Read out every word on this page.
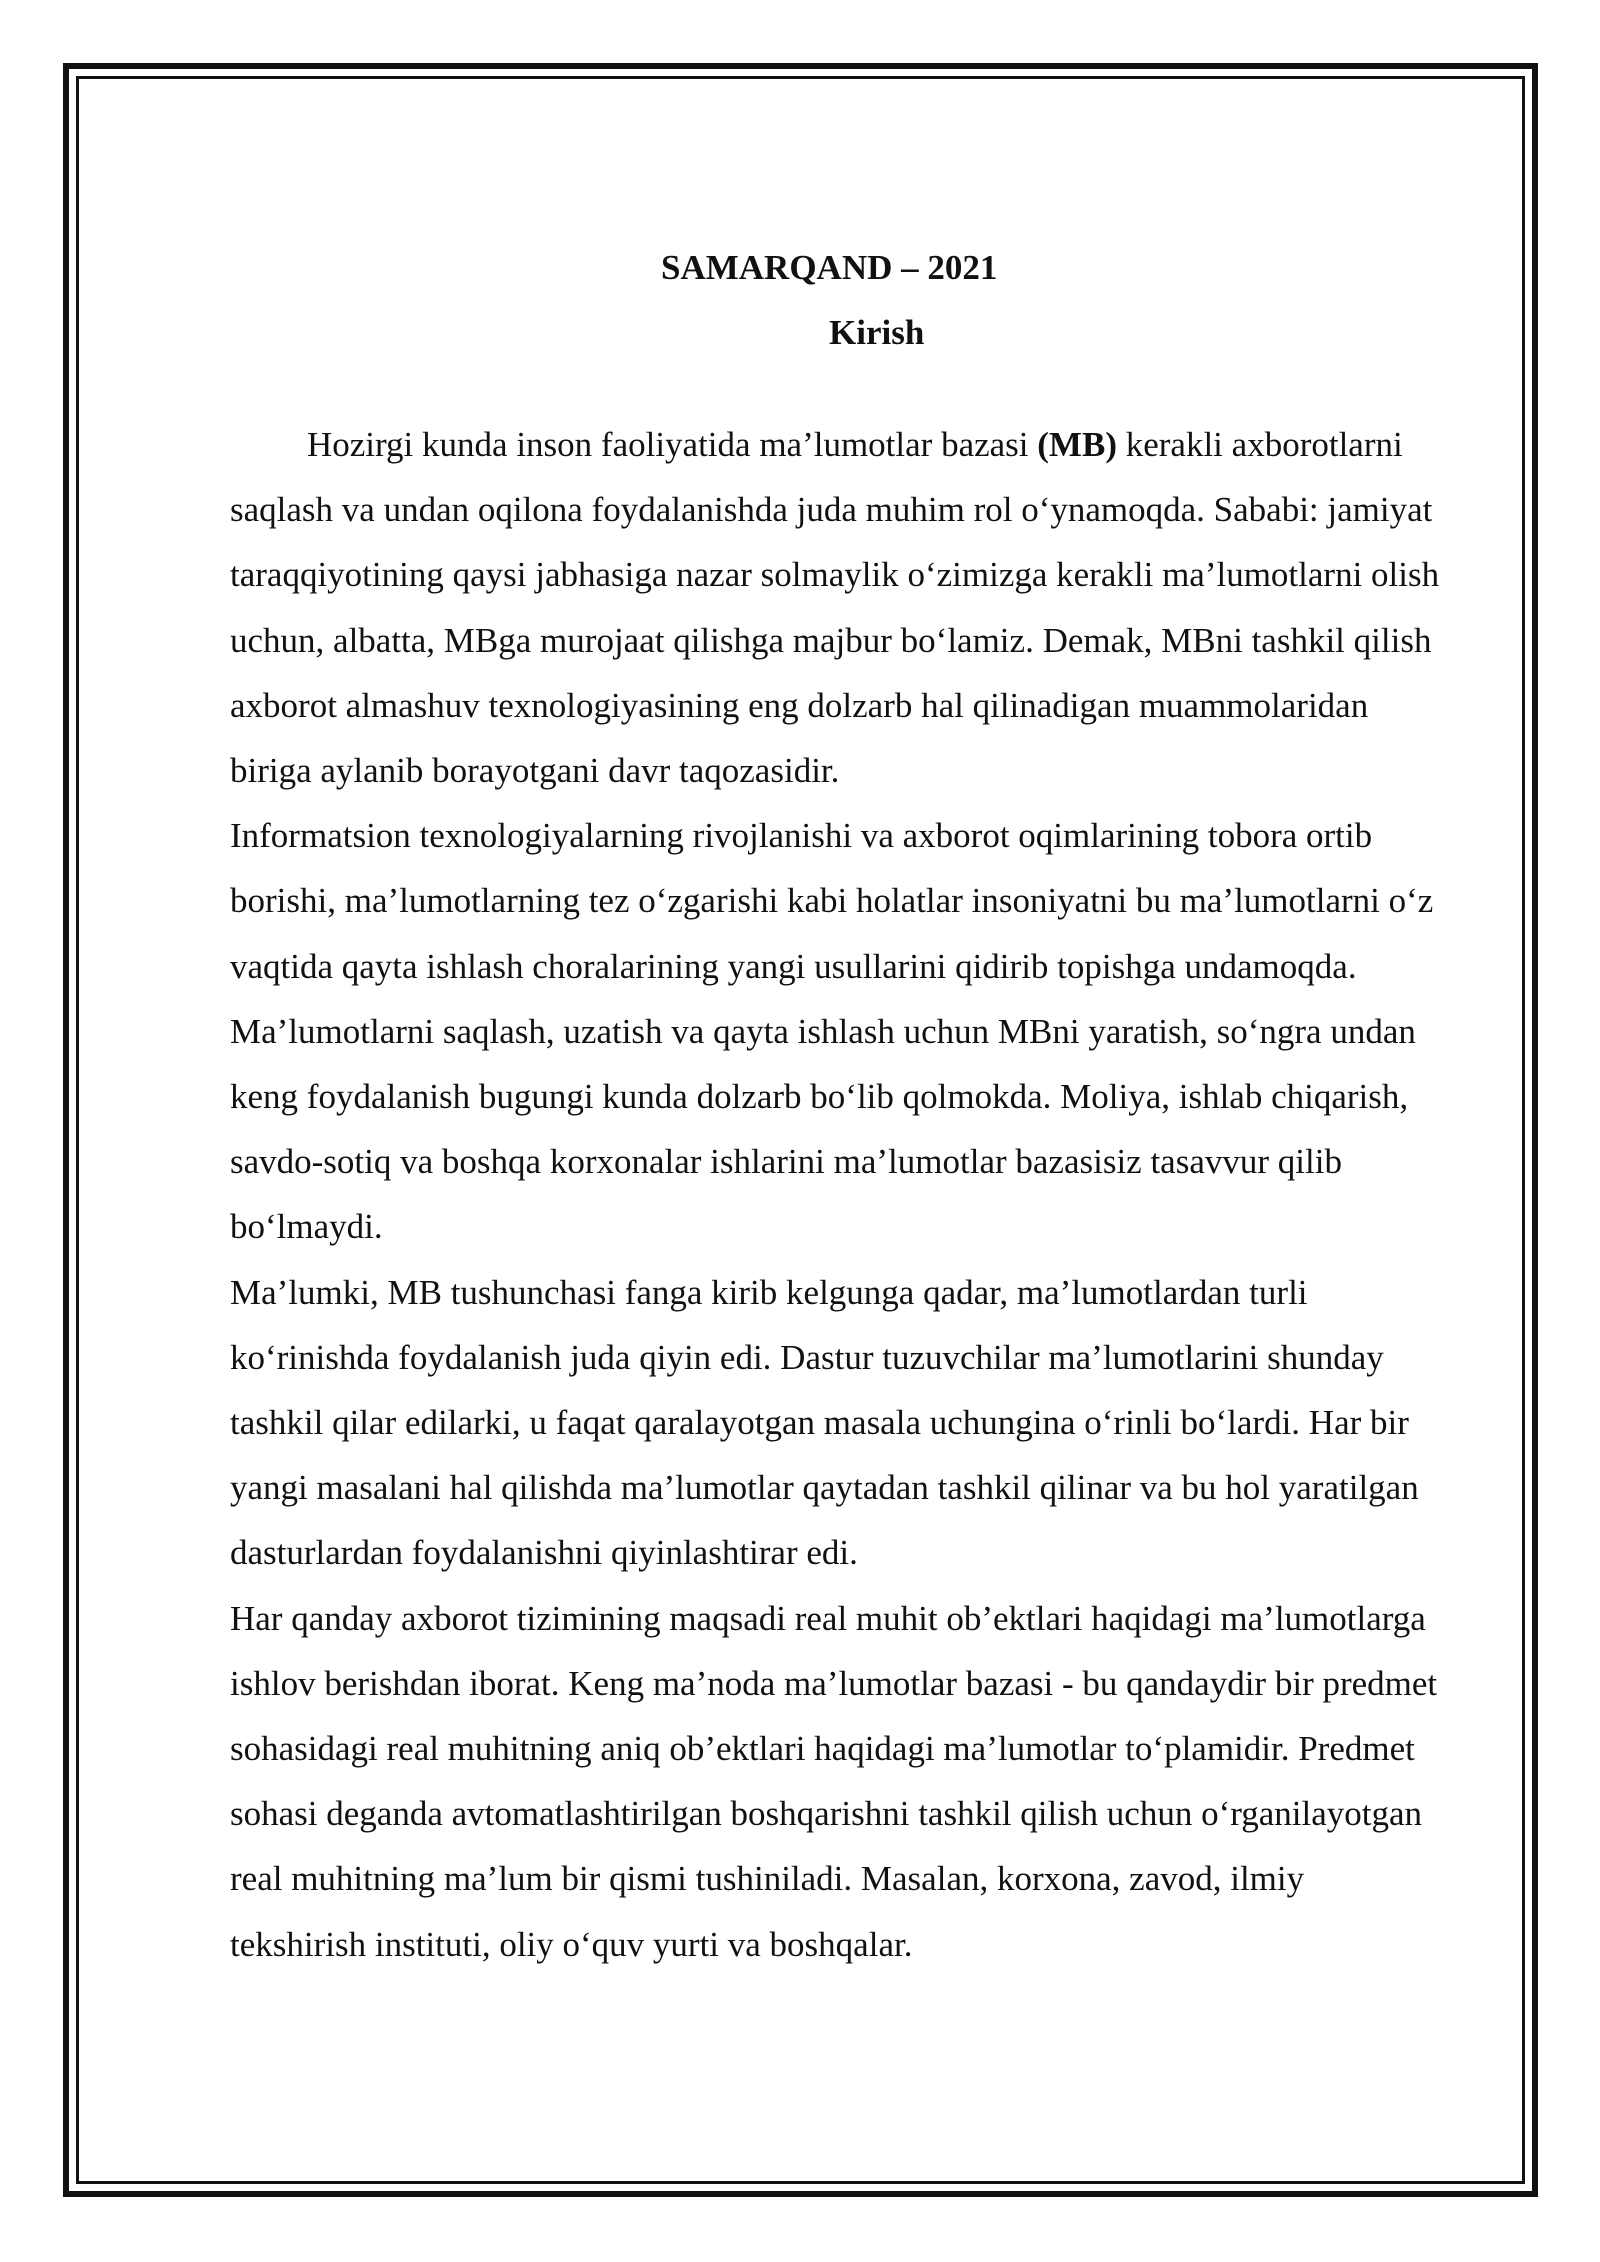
SAMARQAND – 2021
Kirish

Hozirgi kunda inson faoliyatida ma’lumotlar bazasi (MB) kerakli axborotlarni saqlash va undan oqilona foydalanishda juda muhim rol o‘ynamoqda. Sababi: jamiyat taraqqiyotining qaysi jabhasiga nazar solmaylik o‘zimizga kerakli ma’lumotlarni olish uchun, albatta, MBga murojaat qilishga majbur bo‘lamiz. Demak, MBni tashkil qilish axborot almashuv texnologiyasining eng dolzarb hal qilinadigan muammolaridan biriga aylanib borayotgani davr taqozasidir.

Informatsion texnologiyalarning rivojlanishi va axborot oqimlarining tobora ortib borishi, ma’lumotlarning tez o‘zgarishi kabi holatlar insoniyatni bu ma’lumotlarni o‘z vaqtida qayta ishlash choralarining yangi usullarini qidirib topishga undamoqda. Ma’lumotlarni saqlash, uzatish va qayta ishlash uchun MBni yaratish, so‘ngra undan keng foydalanish bugungi kunda dolzarb bo‘lib qolmokda. Moliya, ishlab chiqarish, savdo-sotiq va boshqa korxonalar ishlarini ma’lumotlar bazasisiz tasavvur qilib bo‘lmaydi.

Ma’lumki, MB tushunchasi fanga kirib kelgunga qadar, ma’lumotlardan turli ko‘rinishda foydalanish juda qiyin edi. Dastur tuzuvchilar ma’lumotlarini shunday tashkil qilar edilarki, u faqat qaralayotgan masala uchungina o‘rinli bo‘lardi. Har bir yangi masalani hal qilishda ma’lumotlar qaytadan tashkil qilinar va bu hol yaratilgan dasturlardan foydalanishni qiyinlashtirar edi.

Har qanday axborot tizimining maqsadi real muhit ob’ektlari haqidagi ma’lumotlarga ishlov berishdan iborat. Keng ma’noda ma’lumotlar bazasi - bu qandaydir bir predmet sohasidagi real muhitning aniq ob’ektlari haqidagi ma’lumotlar to‘plamidir. Predmet sohasi deganda avtomatlashtirilgan boshqarishni tashkil qilish uchun o‘rganilayotgan real muhitning ma’lum bir qismi tushiniladi. Masalan, korxona, zavod, ilmiy tekshirish instituti, oliy o‘quv yurti va boshqalar.
